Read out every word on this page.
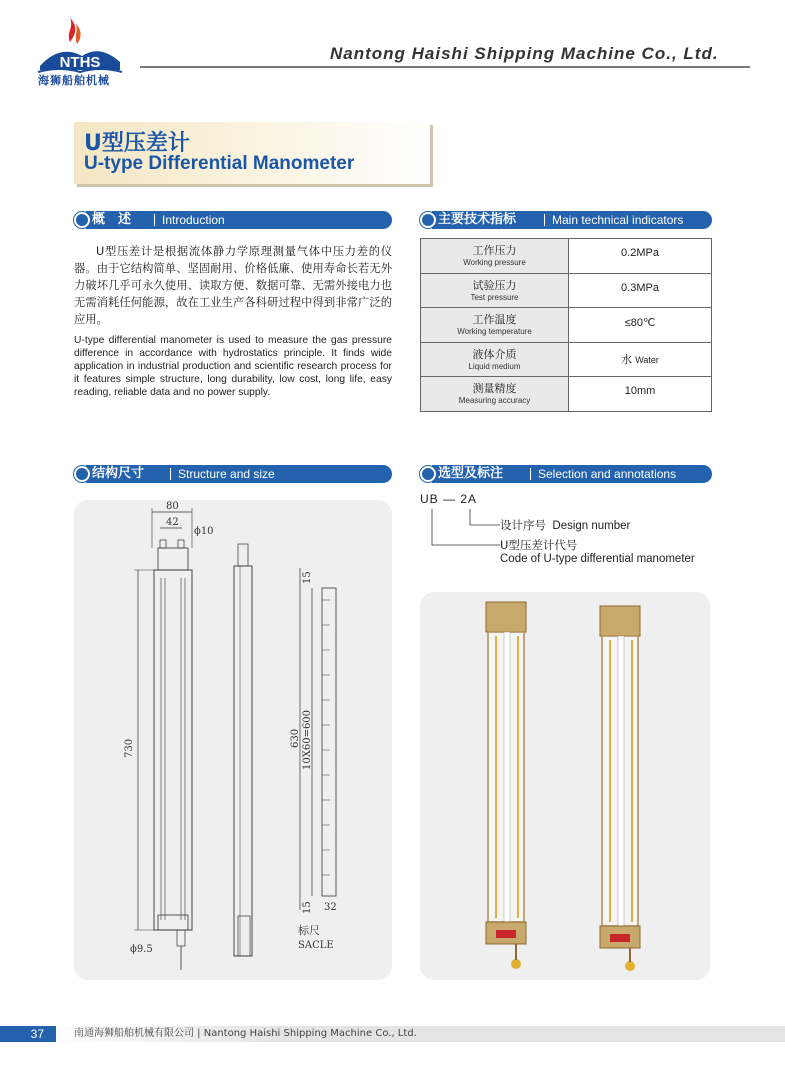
NTHS
海狮船舶机械
Nantong Haishi Shipping Machine Co., Ltd.
U型压差计
U-type Differential Manometer
概　述	Introduction

U型压差计是根据流体静力学原理测量气体中压力差的仪器。由于它结构简单、坚固耐用、价格低廉、使用寿命长若无外力破坏几乎可永久使用、读取方便、数据可靠、无需外接电力也无需消耗任何能源，故在工业生产各科研过程中得到非常广泛的应用。

U-type differential manometer is used to measure the gas pressure difference in accordance with hydrostatics principle. It finds wide application in industrial production and scientific research process for it features simple structure, long durability, low cost, long life, easy reading, reliable data and no power supply.

主要技术指标	Main technical indicators
工作压力
Working pressure	0.2MPa

试验压力
Test pressure	0.3MPa

工作温度
Working temperature	≤80℃

液体介质
Liquid medium	水 Water

测量精度
Measuring accuracy	10mm
结构尺寸	Structure and size
80
42
ϕ10
730
ϕ9.5
630 10X60=600
15
15 32
标尺
SACLE
选型及标注	Selection and annotations
UB — 2A
设计序号 Design number
U型压差计代号
Code of U-type differential manometer
37	南通海狮船舶机械有限公司 | Nantong Haishi Shipping Machine Co., Ltd.
